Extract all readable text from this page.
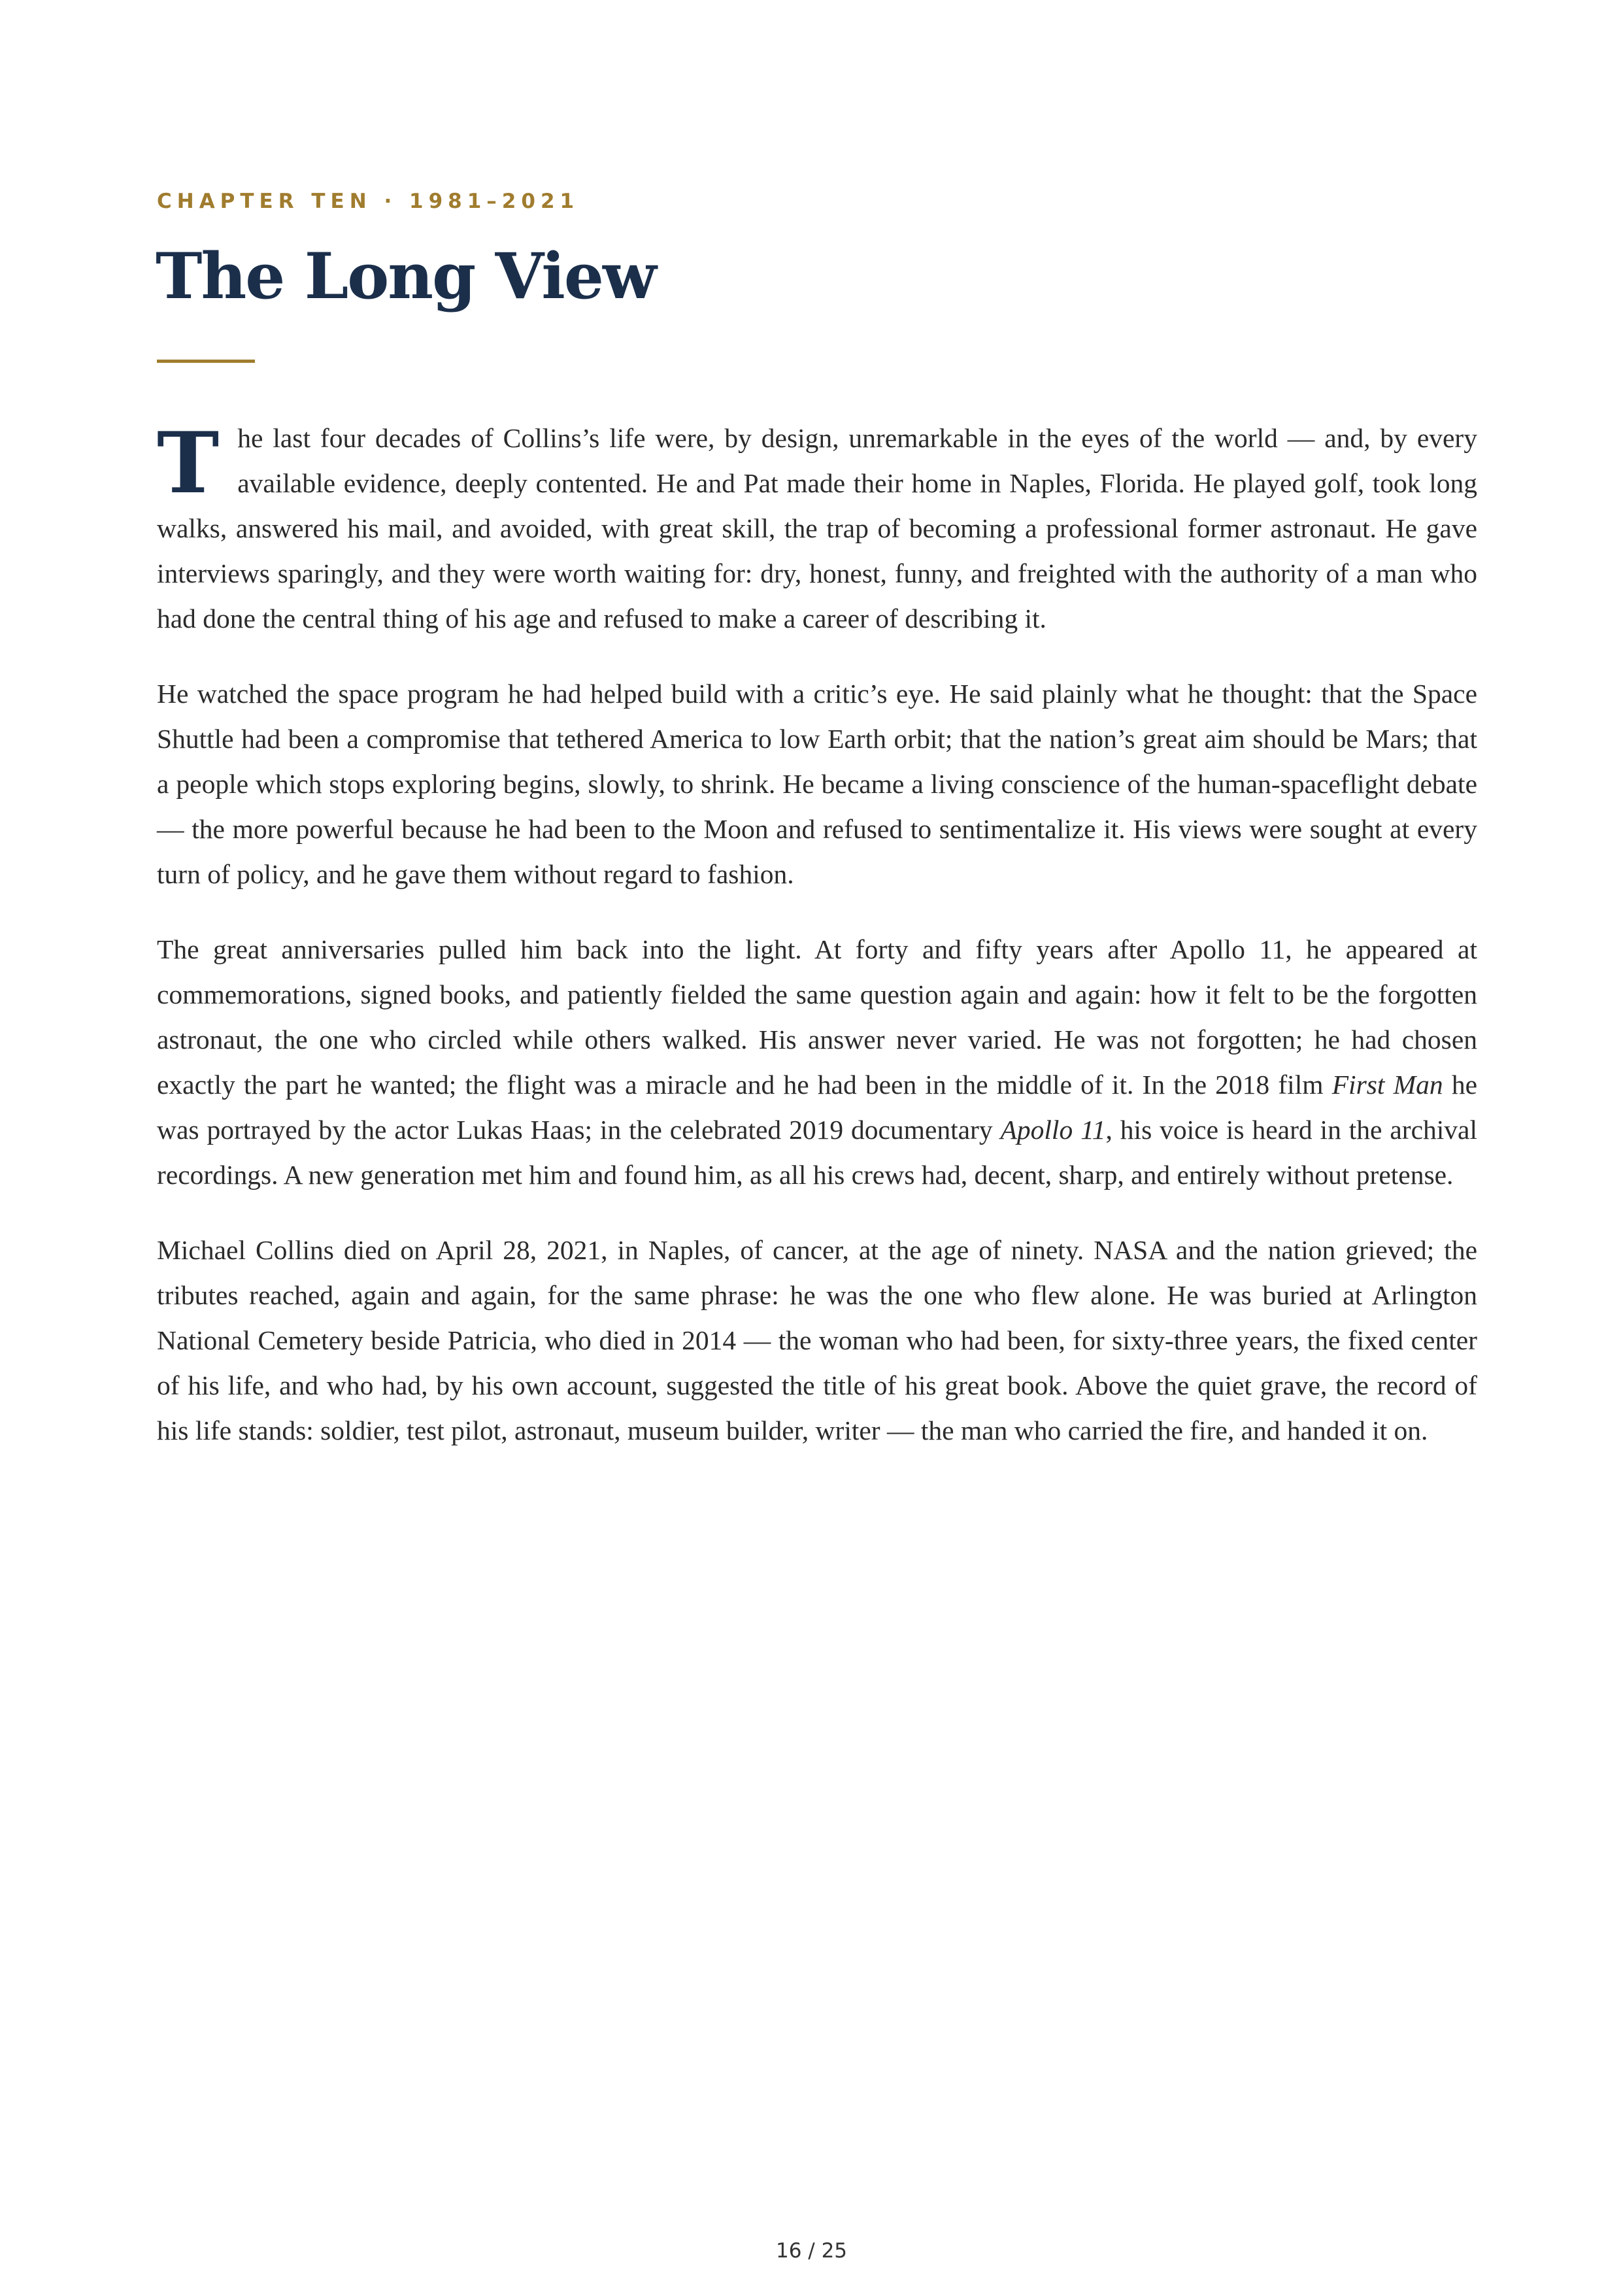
CHAPTER TEN · 1981–2021
The Long View

The last four decades of Collins’s life were, by design, unremarkable in the eyes of the world — and, by every available evidence, deeply contented. He and Pat made their home in Naples, Florida. He played golf, took long walks, answered his mail, and avoided, with great skill, the trap of becoming a professional former astronaut. He gave interviews sparingly, and they were worth waiting for: dry, honest, funny, and freighted with the authority of a man who had done the central thing of his age and refused to make a career of describing it.

He watched the space program he had helped build with a critic’s eye. He said plainly what he thought: that the Space Shuttle had been a compromise that tethered America to low Earth orbit; that the nation’s great aim should be Mars; that a people which stops exploring begins, slowly, to shrink. He became a living conscience of the human-spaceflight debate — the more powerful because he had been to the Moon and refused to sentimentalize it. His views were sought at every turn of policy, and he gave them without regard to fashion.

The great anniversaries pulled him back into the light. At forty and fifty years after Apollo 11, he appeared at commemorations, signed books, and patiently fielded the same question again and again: how it felt to be the forgotten astronaut, the one who circled while others walked. His answer never varied. He was not forgotten; he had chosen exactly the part he wanted; the flight was a miracle and he had been in the middle of it. In the 2018 film First Man he was portrayed by the actor Lukas Haas; in the celebrated 2019 documentary Apollo 11, his voice is heard in the archival recordings. A new generation met him and found him, as all his crews had, decent, sharp, and entirely without pretense.

Michael Collins died on April 28, 2021, in Naples, of cancer, at the age of ninety. NASA and the nation grieved; the tributes reached, again and again, for the same phrase: he was the one who flew alone. He was buried at Arlington National Cemetery beside Patricia, who died in 2014 — the woman who had been, for sixty-three years, the fixed center of his life, and who had, by his own account, suggested the title of his great book. Above the quiet grave, the record of his life stands: soldier, test pilot, astronaut, museum builder, writer — the man who carried the fire, and handed it on.

16 / 25
